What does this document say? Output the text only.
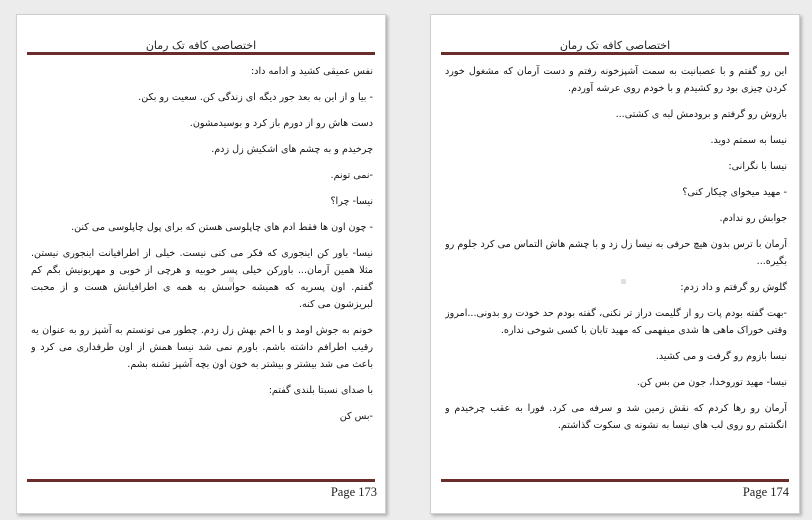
اختصاصی کافه تک رمان

نفس عمیقی کشید و ادامه داد:

- بیا و از این به بعد جور دیگه ای زندگی کن. سعیت رو بکن.

دست هاش رو از دورم باز کرد و بوسیدمشون.

چرخیدم و به چشم های اشکیش زل زدم.

-نمی تونم.

نیسا- چرا؟

- چون اون ها فقط ادم های چاپلوسی هستن که برای پول چاپلوسی می کنن.

نیسا- باور کن اینجوری که فکر می کنی نیست. خیلی از اطرافیانت اینجوری نیستن. مثلا همین آرمان... باورکن خیلی پسر خوبیه و هرچی از خوبی و مهربونیش بگم کم گفتم. اون پسریه که همیشه حواسش به همه ی اطرافیانش هست و از محبت لبریزشون می کنه.

خونم به جوش اومد و با اخم بهش زل زدم. چطور می تونستم به آشپز رو به عنوان یه رقیب اطرافم داشته باشم. باورم نمی شد نیسا همش از اون طرفداری می کرد و باعث می شد بیشتر و بیشتر به خون اون بچه آشپز تشنه بشم.

با صدای نسبتا بلندی گفتم:

-بس کن

Page 173
اختصاصی کافه تک رمان

این رو گفتم و با عصبانیت به سمت آشپزخونه رفتم و دست آرمان که مشغول خورد کردن چیزی بود رو کشیدم و با خودم روی عرشه آوردم.

بازوش رو گرفتم و برودمش لبه ی کشتی...

نیسا به سمتم دوید.

نیسا با نگرانی:

- مهید میخوای چیکار کنی؟

جوابش رو ندادم.

آرمان با ترس بدون هیچ حرفی به نیسا زل زد و با چشم هاش التماس می کرد جلوم رو بگیره...

گلوش رو گرفتم و داد زدم:

-بهت گفته بودم پات رو از گلیمت دراز تر نکنی، گفته بودم حد خودت رو بدونی...امروز وقتی خوراک ماهی ها شدی میفهمی که مهید تابان با کسی شوخی نداره.

نیسا بازوم رو گرفت و می کشید.

نیسا- مهید توروخدا، جون من بس کن.

آرمان رو رها کردم که نقش زمین شد و سرفه می کرد. فورا به عقب چرخیدم و انگشتم رو روی لب های نیسا به نشونه ی سکوت گذاشتم.

Page 174
